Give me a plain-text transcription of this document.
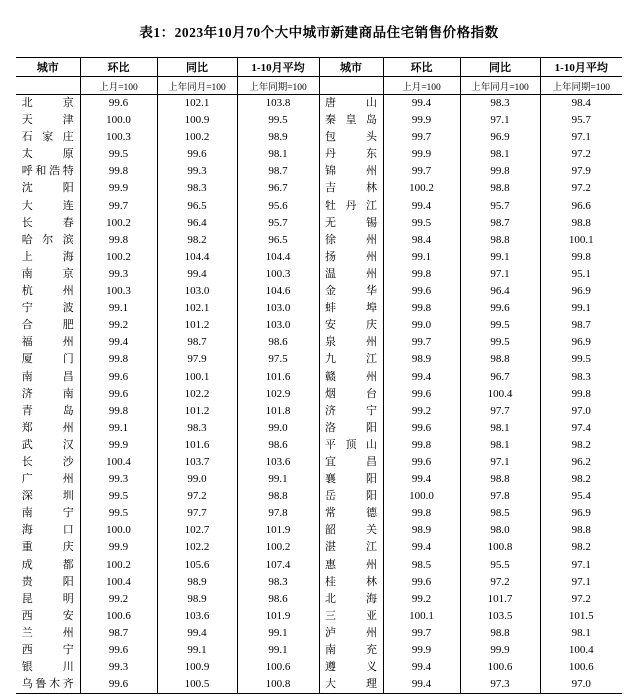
表1：2023年10月70个大中城市新建商品住宅销售价格指数
城市	环比	同比	1-10月平均	城市	环比	同比	1-10月平均
	上月=100	上年同月=100	上年同期=100		上月=100	上年同月=100	上年同期=100
北　京	99.6	102.1	103.8	唐　山	99.4	98.3	98.4
天　津	100.0	100.9	99.5	秦皇岛	99.9	97.1	95.7
石家庄	100.3	100.2	98.9	包　头	99.7	96.9	97.1
太　原	99.5	99.6	98.1	丹　东	99.9	98.1	97.2
呼和浩特	99.8	99.3	98.7	锦　州	99.7	99.8	97.9
沈　阳	99.9	98.3	96.7	吉　林	100.2	98.8	97.2
大　连	99.7	96.5	95.6	牡丹江	99.4	95.7	96.6
长　春	100.2	96.4	95.7	无　锡	99.5	98.7	98.8
哈尔滨	99.8	98.2	96.5	徐　州	98.4	98.8	100.1
上　海	100.2	104.4	104.4	扬　州	99.1	99.1	99.8
南　京	99.3	99.4	100.3	温　州	99.8	97.1	95.1
杭　州	100.3	103.0	104.6	金　华	99.6	96.4	96.9
宁　波	99.1	102.1	103.0	蚌　埠	99.8	99.6	99.1
合　肥	99.2	101.2	103.0	安　庆	99.0	99.5	98.7
福　州	99.4	98.7	98.6	泉　州	99.7	99.5	96.9
厦　门	99.8	97.9	97.5	九　江	98.9	98.8	99.5
南　昌	99.6	100.1	101.6	赣　州	99.4	96.7	98.3
济　南	99.6	102.2	102.9	烟　台	99.6	100.4	99.8
青　岛	99.8	101.2	101.8	济　宁	99.2	97.7	97.0
郑　州	99.1	98.3	99.0	洛　阳	99.6	98.1	97.4
武　汉	99.9	101.6	98.6	平顶山	99.8	98.1	98.2
长　沙	100.4	103.7	103.6	宜　昌	99.6	97.1	96.2
广　州	99.3	99.0	99.1	襄　阳	99.4	98.8	98.2
深　圳	99.5	97.2	98.8	岳　阳	100.0	97.8	95.4
南　宁	99.5	97.7	97.8	常　德	99.8	98.5	96.9
海　口	100.0	102.7	101.9	韶　关	98.9	98.0	98.8
重　庆	99.9	102.2	100.2	湛　江	99.4	100.8	98.2
成　都	100.2	105.6	107.4	惠　州	98.5	95.5	97.1
贵　阳	100.4	98.9	98.3	桂　林	99.6	97.2	97.1
昆　明	99.2	98.9	98.6	北　海	99.2	101.7	97.2
西　安	100.6	103.6	101.9	三　亚	100.1	103.5	101.5
兰　州	98.7	99.4	99.1	泸　州	99.7	98.8	98.1
西　宁	99.6	99.1	99.1	南　充	99.9	99.9	100.4
银　川	99.3	100.9	100.6	遵　义	99.4	100.6	100.6
乌鲁木齐	99.6	100.5	100.8	大　理	99.4	97.3	97.0
